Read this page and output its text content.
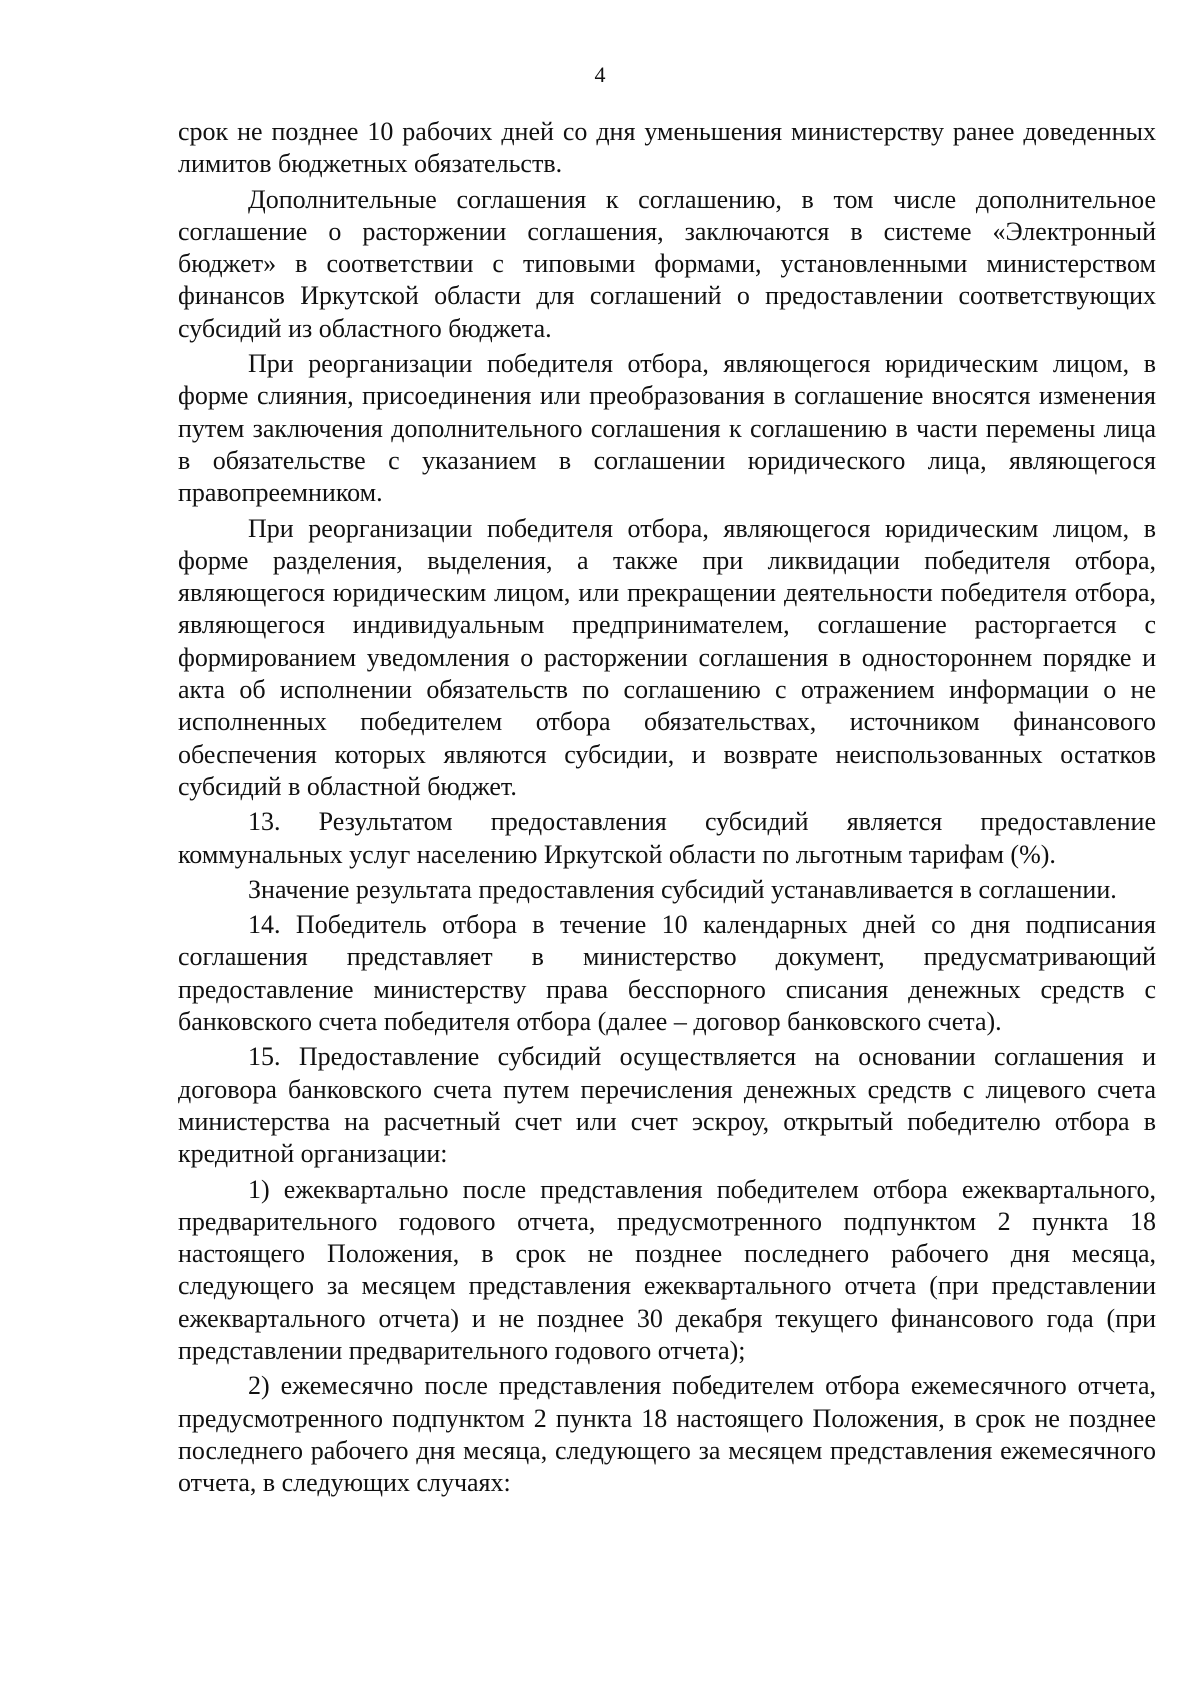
4

срок не позднее 10 рабочих дней со дня уменьшения министерству ранее доведенных лимитов бюджетных обязательств.

Дополнительные соглашения к соглашению, в том числе дополнительное соглашение о расторжении соглашения, заключаются в системе «Электронный бюджет» в соответствии с типовыми формами, установленными министерством финансов Иркутской области для соглашений о предоставлении соответствующих субсидий из областного бюджета.

При реорганизации победителя отбора, являющегося юридическим лицом, в форме слияния, присоединения или преобразования в соглашение вносятся изменения путем заключения дополнительного соглашения к соглашению в части перемены лица в обязательстве с указанием в соглашении юридического лица, являющегося правопреемником.

При реорганизации победителя отбора, являющегося юридическим лицом, в форме разделения, выделения, а также при ликвидации победителя отбора, являющегося юридическим лицом, или прекращении деятельности победителя отбора, являющегося индивидуальным предпринимателем, соглашение расторгается с формированием уведомления о расторжении соглашения в одностороннем порядке и акта об исполнении обязательств по соглашению с отражением информации о не исполненных победителем отбора обязательствах, источником финансового обеспечения которых являются субсидии, и возврате неиспользованных остатков субсидий в областной бюджет.

13. Результатом предоставления субсидий является предоставление коммунальных услуг населению Иркутской области по льготным тарифам (%).

Значение результата предоставления субсидий устанавливается в соглашении.

14. Победитель отбора в течение 10 календарных дней со дня подписания соглашения представляет в министерство документ, предусматривающий предоставление министерству права бесспорного списания денежных средств с банковского счета победителя отбора (далее – договор банковского счета).

15. Предоставление субсидий осуществляется на основании соглашения и договора банковского счета путем перечисления денежных средств с лицевого счета министерства на расчетный счет или счет эскроу, открытый победителю отбора в кредитной организации:

1) ежеквартально после представления победителем отбора ежеквартального, предварительного годового отчета, предусмотренного подпунктом 2 пункта 18 настоящего Положения, в срок не позднее последнего рабочего дня месяца, следующего за месяцем представления ежеквартального отчета (при представлении ежеквартального отчета) и не позднее 30 декабря текущего финансового года (при представлении предварительного годового отчета);

2) ежемесячно после представления победителем отбора ежемесячного отчета, предусмотренного подпунктом 2 пункта 18 настоящего Положения, в срок не позднее последнего рабочего дня месяца, следующего за месяцем представления ежемесячного отчета, в следующих случаях:
